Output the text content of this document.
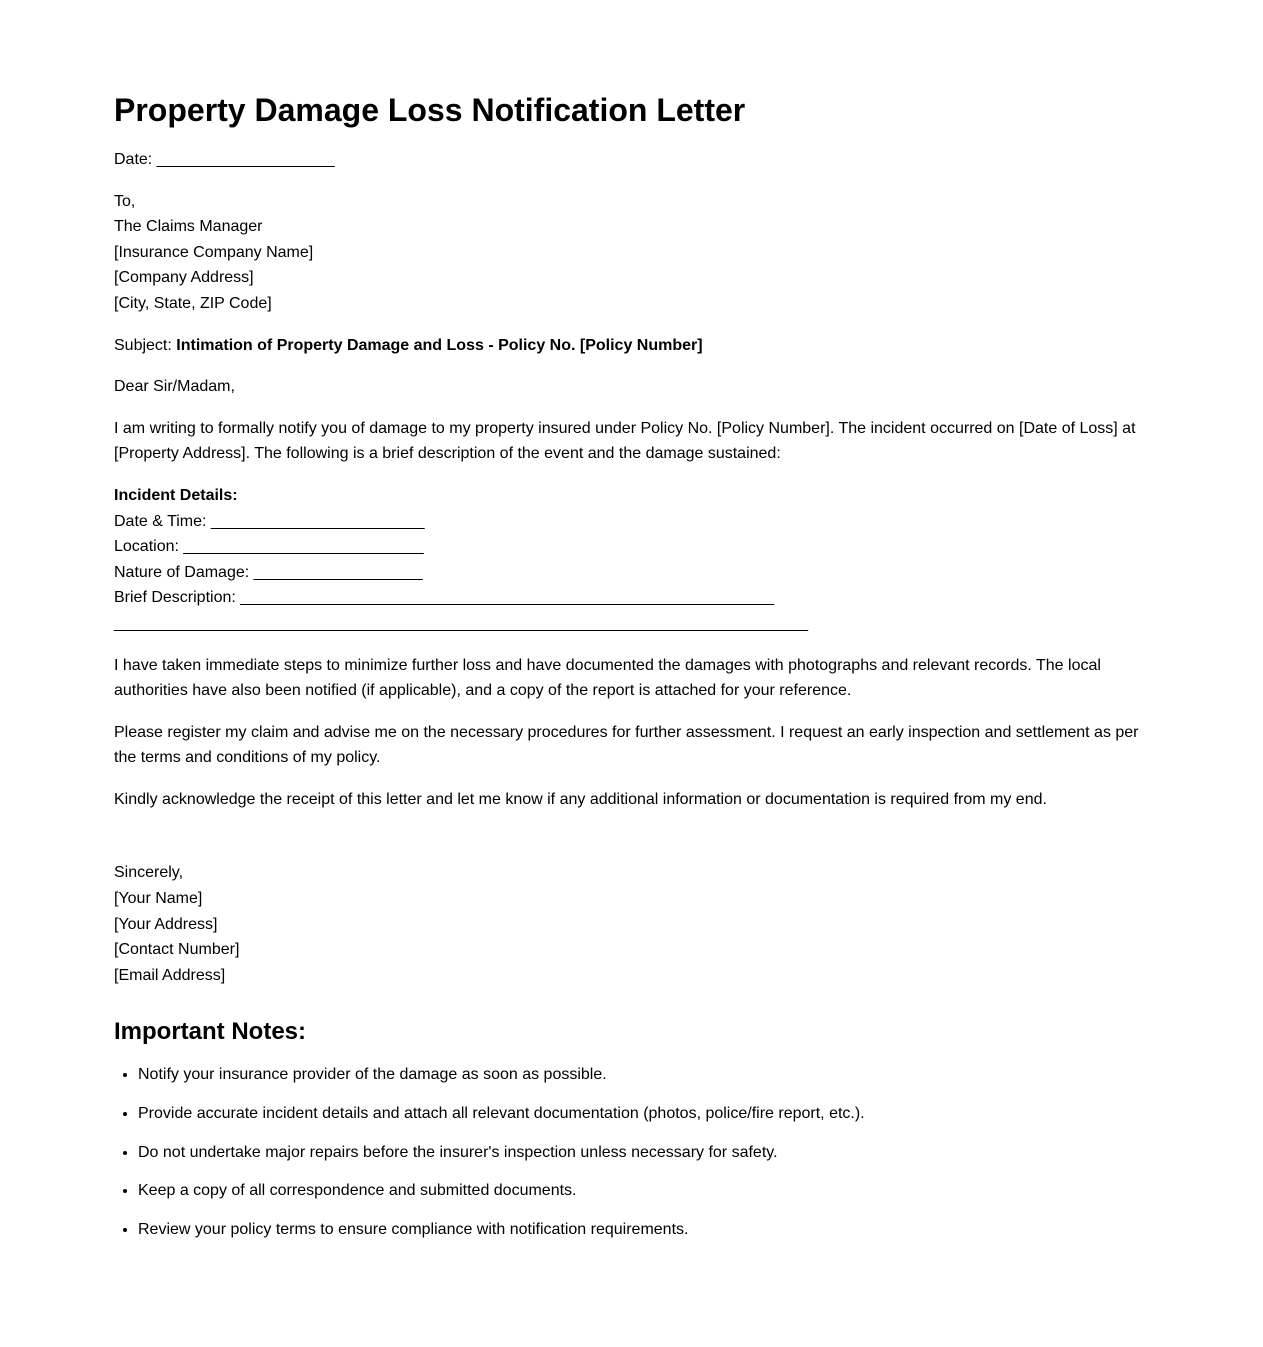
Property Damage Loss Notification Letter

Date: ____________________

To,

The Claims Manager

[Insurance Company Name]

[Company Address]

[City, State, ZIP Code]

Subject: Intimation of Property Damage and Loss - Policy No. [Policy Number]

Dear Sir/Madam,

I am writing to formally notify you of damage to my property insured under Policy No. [Policy Number]. The incident occurred on [Date of Loss] at [Property Address]. The following is a brief description of the event and the damage sustained:

Incident Details:

Date & Time: ________________________

Location: ___________________________

Nature of Damage: ___________________

Brief Description: ____________________________________________________________

______________________________________________________________________________

I have taken immediate steps to minimize further loss and have documented the damages with photographs and relevant records. The local authorities have also been notified (if applicable), and a copy of the report is attached for your reference.

Please register my claim and advise me on the necessary procedures for further assessment. I request an early inspection and settlement as per the terms and conditions of my policy.

Kindly acknowledge the receipt of this letter and let me know if any additional information or documentation is required from my end.

Sincerely,

[Your Name]

[Your Address]

[Contact Number]

[Email Address]

Important Notes:
• Notify your insurance provider of the damage as soon as possible.
• Provide accurate incident details and attach all relevant documentation (photos, police/fire report, etc.).
• Do not undertake major repairs before the insurer's inspection unless necessary for safety.
• Keep a copy of all correspondence and submitted documents.
• Review your policy terms to ensure compliance with notification requirements.
